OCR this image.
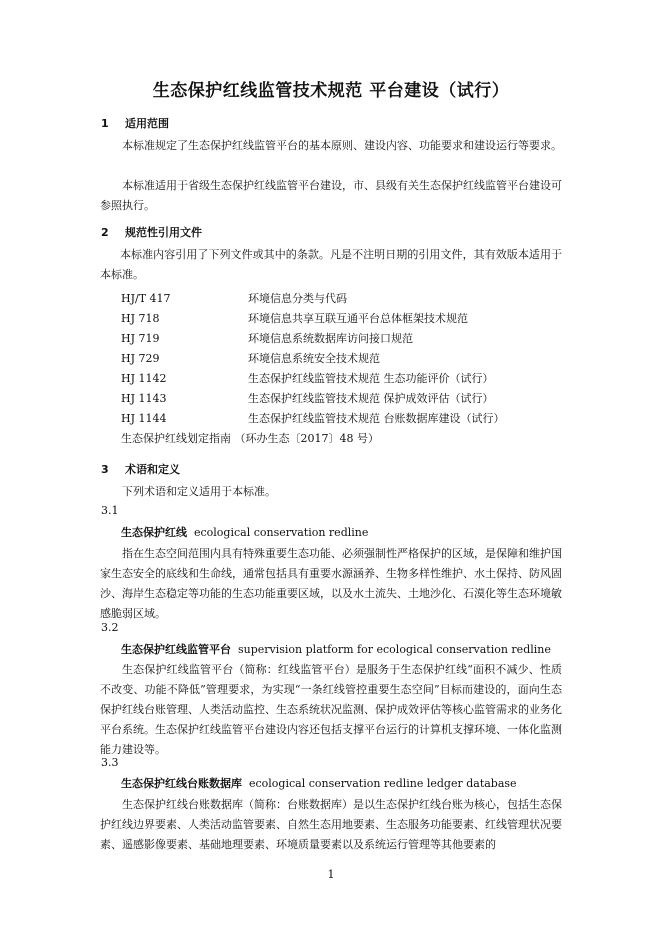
生态保护红线监管技术规范 平台建设（试行）
1 适用范围
本标准规定了生态保护红线监管平台的基本原则、建设内容、功能要求和建设运行等要求。
本标准适用于省级生态保护红线监管平台建设，市、县级有关生态保护红线监管平台建设可参照执行。
2 规范性引用文件
本标准内容引用了下列文件或其中的条款。凡是不注明日期的引用文件，其有效版本适用于本标准。
HJ/T 417	环境信息分类与代码
HJ 718	环境信息共享互联互通平台总体框架技术规范
HJ 719	环境信息系统数据库访问接口规范
HJ 729	环境信息系统安全技术规范
HJ 1142	生态保护红线监管技术规范 生态功能评价（试行）
HJ 1143	生态保护红线监管技术规范 保护成效评估（试行）
HJ 1144	生态保护红线监管技术规范 台账数据库建设（试行）
生态保护红线划定指南 （环办生态〔2017〕48 号）
3 术语和定义
下列术语和定义适用于本标准。
3.1
生态保护红线 ecological conservation redline
指在生态空间范围内具有特殊重要生态功能、必须强制性严格保护的区域，是保障和维护国家生态安全的底线和生命线，通常包括具有重要水源涵养、生物多样性维护、水土保持、防风固沙、海岸生态稳定等功能的生态功能重要区域，以及水土流失、土地沙化、石漠化等生态环境敏感脆弱区域。
3.2
生态保护红线监管平台 supervision platform for ecological conservation redline
生态保护红线监管平台（简称：红线监管平台）是服务于生态保护红线“面积不减少、性质不改变、功能不降低”管理要求，为实现“一条红线管控重要生态空间”目标而建设的，面向生态保护红线台账管理、人类活动监控、生态系统状况监测、保护成效评估等核心监管需求的业务化平台系统。生态保护红线监管平台建设内容还包括支撑平台运行的计算机支撑环境、一体化监测能力建设等。
3.3
生态保护红线台账数据库 ecological conservation redline ledger database
生态保护红线台账数据库（简称：台账数据库）是以生态保护红线台账为核心，包括生态保护红线边界要素、人类活动监管要素、自然生态用地要素、生态服务功能要素、红线管理状况要素、遥感影像要素、基础地理要素、环境质量要素以及系统运行管理等其他要素的
1
